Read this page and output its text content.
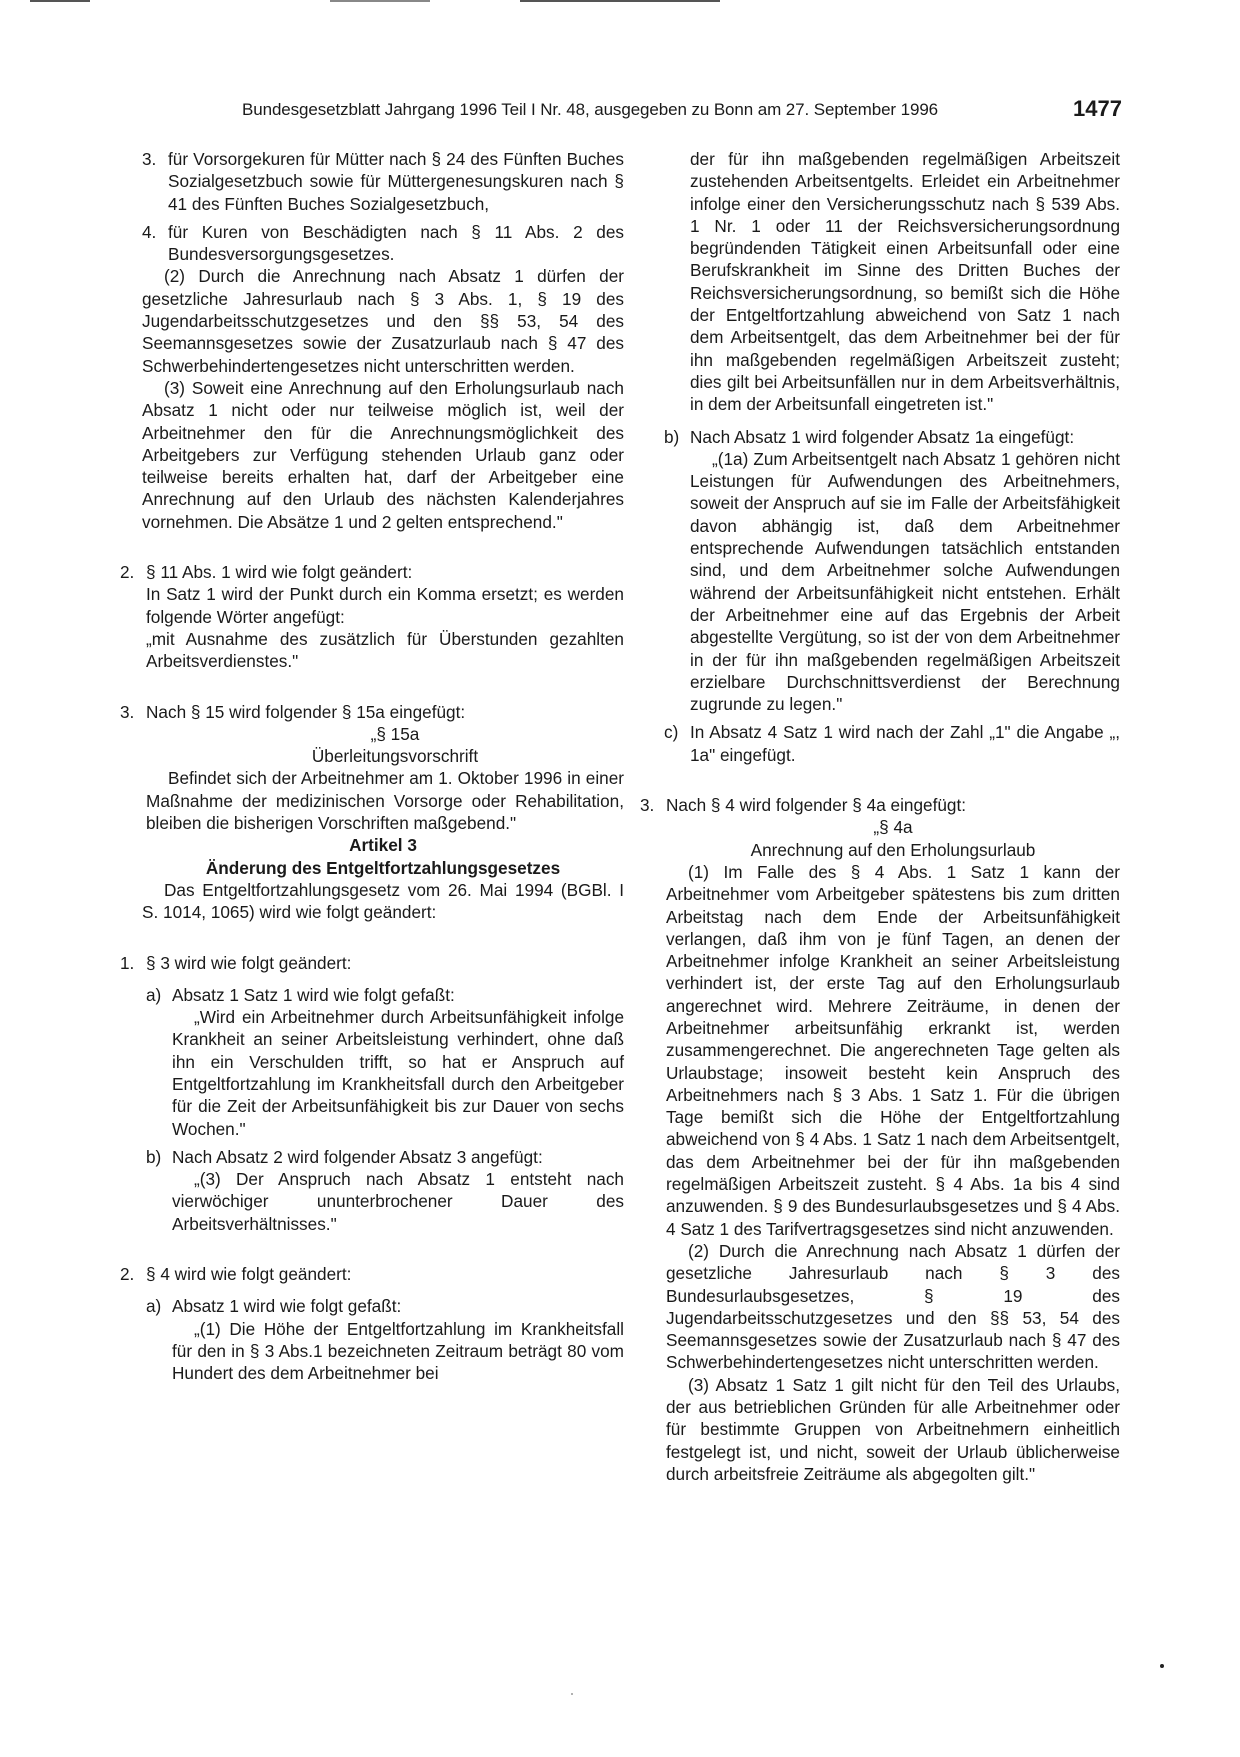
Bundesgesetzblatt Jahrgang 1996 Teil I Nr. 48, ausgegeben zu Bonn am 27. September 1996	1477
3. für Vorsorgekuren für Mütter nach § 24 des Fünften Buches Sozialgesetzbuch sowie für Müttergenesungskuren nach § 41 des Fünften Buches Sozialgesetzbuch,
4. für Kuren von Beschädigten nach § 11 Abs. 2 des Bundesversorgungsgesetzes.

(2) Durch die Anrechnung nach Absatz 1 dürfen der gesetzliche Jahresurlaub nach § 3 Abs. 1, § 19 des Jugendarbeitsschutzgesetzes und den §§ 53, 54 des Seemannsgesetzes sowie der Zusatzurlaub nach § 47 des Schwerbehindertengesetzes nicht unterschritten werden.

(3) Soweit eine Anrechnung auf den Erholungsurlaub nach Absatz 1 nicht oder nur teilweise möglich ist, weil der Arbeitnehmer den für die Anrechnungsmöglichkeit des Arbeitgebers zur Verfügung stehenden Urlaub ganz oder teilweise bereits erhalten hat, darf der Arbeitgeber eine Anrechnung auf den Urlaub des nächsten Kalenderjahres vornehmen. Die Absätze 1 und 2 gelten entsprechend."

2. § 11 Abs. 1 wird wie folgt geändert:

In Satz 1 wird der Punkt durch ein Komma ersetzt; es werden folgende Wörter angefügt:

„mit Ausnahme des zusätzlich für Überstunden gezahlten Arbeitsverdienstes."

3. Nach § 15 wird folgender § 15a eingefügt:

„§ 15a

Überleitungsvorschrift

Befindet sich der Arbeitnehmer am 1. Oktober 1996 in einer Maßnahme der medizinischen Vorsorge oder Rehabilitation, bleiben die bisherigen Vorschriften maßgebend."

Artikel 3

Änderung des Entgeltfortzahlungsgesetzes

Das Entgeltfortzahlungsgesetz vom 26. Mai 1994 (BGBl. I S. 1014, 1065) wird wie folgt geändert:

1. § 3 wird wie folgt geändert:
a) Absatz 1 Satz 1 wird wie folgt gefaßt:

„Wird ein Arbeitnehmer durch Arbeitsunfähigkeit infolge Krankheit an seiner Arbeitsleistung verhindert, ohne daß ihn ein Verschulden trifft, so hat er Anspruch auf Entgeltfortzahlung im Krankheitsfall durch den Arbeitgeber für die Zeit der Arbeitsunfähigkeit bis zur Dauer von sechs Wochen."

b) Nach Absatz 2 wird folgender Absatz 3 angefügt:

„(3) Der Anspruch nach Absatz 1 entsteht nach vierwöchiger ununterbrochener Dauer des Arbeitsverhältnisses."

2. § 4 wird wie folgt geändert:
a) Absatz 1 wird wie folgt gefaßt:

„(1) Die Höhe der Entgeltfortzahlung im Krankheitsfall für den in § 3 Abs.1 bezeichneten Zeitraum beträgt 80 vom Hundert des dem Arbeitnehmer bei

der für ihn maßgebenden regelmäßigen Arbeitszeit zustehenden Arbeitsentgelts. Erleidet ein Arbeitnehmer infolge einer den Versicherungsschutz nach § 539 Abs. 1 Nr. 1 oder 11 der Reichsversicherungsordnung begründenden Tätigkeit einen Arbeitsunfall oder eine Berufskrankheit im Sinne des Dritten Buches der Reichsversicherungsordnung, so bemißt sich die Höhe der Entgeltfortzahlung abweichend von Satz 1 nach dem Arbeitsentgelt, das dem Arbeitnehmer bei der für ihn maßgebenden regelmäßigen Arbeitszeit zusteht; dies gilt bei Arbeitsunfällen nur in dem Arbeitsverhältnis, in dem der Arbeitsunfall eingetreten ist."

b) Nach Absatz 1 wird folgender Absatz 1a eingefügt:

„(1a) Zum Arbeitsentgelt nach Absatz 1 gehören nicht Leistungen für Aufwendungen des Arbeitnehmers, soweit der Anspruch auf sie im Falle der Arbeitsfähigkeit davon abhängig ist, daß dem Arbeitnehmer entsprechende Aufwendungen tatsächlich entstanden sind, und dem Arbeitnehmer solche Aufwendungen während der Arbeitsunfähigkeit nicht entstehen. Erhält der Arbeitnehmer eine auf das Ergebnis der Arbeit abgestellte Vergütung, so ist der von dem Arbeitnehmer in der für ihn maßgebenden regelmäßigen Arbeitszeit erzielbare Durchschnittsverdienst der Berechnung zugrunde zu legen."

c) In Absatz 4 Satz 1 wird nach der Zahl „1" die Angabe „, 1a" eingefügt.
3. Nach § 4 wird folgender § 4a eingefügt:

„§ 4a

Anrechnung auf den Erholungsurlaub

(1) Im Falle des § 4 Abs. 1 Satz 1 kann der Arbeitnehmer vom Arbeitgeber spätestens bis zum dritten Arbeitstag nach dem Ende der Arbeitsunfähigkeit verlangen, daß ihm von je fünf Tagen, an denen der Arbeitnehmer infolge Krankheit an seiner Arbeitsleistung verhindert ist, der erste Tag auf den Erholungsurlaub angerechnet wird. Mehrere Zeiträume, in denen der Arbeitnehmer arbeitsunfähig erkrankt ist, werden zusammengerechnet. Die angerechneten Tage gelten als Urlaubstage; insoweit besteht kein Anspruch des Arbeitnehmers nach § 3 Abs. 1 Satz 1. Für die übrigen Tage bemißt sich die Höhe der Entgeltfortzahlung abweichend von § 4 Abs. 1 Satz 1 nach dem Arbeitsentgelt, das dem Arbeitnehmer bei der für ihn maßgebenden regelmäßigen Arbeitszeit zusteht. § 4 Abs. 1a bis 4 sind anzuwenden. § 9 des Bundesurlaubsgesetzes und § 4 Abs. 4 Satz 1 des Tarifvertragsgesetzes sind nicht anzuwenden.

(2) Durch die Anrechnung nach Absatz 1 dürfen der gesetzliche Jahresurlaub nach § 3 des Bundesurlaubsgesetzes, § 19 des Jugendarbeitsschutzgesetzes und den §§ 53, 54 des Seemannsgesetzes sowie der Zusatzurlaub nach § 47 des Schwerbehindertengesetzes nicht unterschritten werden.

(3) Absatz 1 Satz 1 gilt nicht für den Teil des Urlaubs, der aus betrieblichen Gründen für alle Arbeitnehmer oder für bestimmte Gruppen von Arbeitnehmern einheitlich festgelegt ist, und nicht, soweit der Urlaub üblicherweise durch arbeitsfreie Zeiträume als abgegolten gilt."
